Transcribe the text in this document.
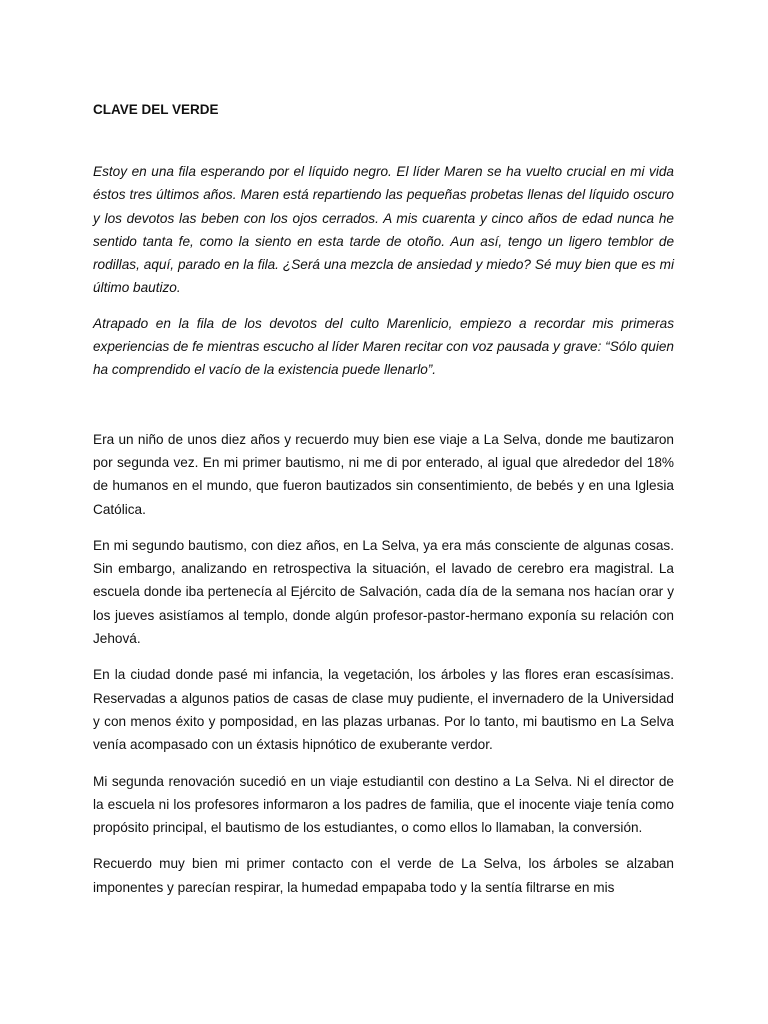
CLAVE DEL VERDE

Estoy en una fila esperando por el líquido negro. El líder Maren se ha vuelto crucial en mi vida éstos tres últimos años. Maren está repartiendo las pequeñas probetas llenas del líquido oscuro y los devotos las beben con los ojos cerrados. A mis cuarenta y cinco años de edad nunca he sentido tanta fe, como la siento en esta tarde de otoño. Aun así, tengo un ligero temblor de rodillas, aquí, parado en la fila. ¿Será una mezcla de ansiedad y miedo? Sé muy bien que es mi último bautizo.

Atrapado en la fila de los devotos del culto Marenlicio, empiezo a recordar mis primeras experiencias de fe mientras escucho al líder Maren recitar con voz pausada y grave: “Sólo quien ha comprendido el vacío de la existencia puede llenarlo”.

Era un niño de unos diez años y recuerdo muy bien ese viaje a La Selva, donde me bautizaron por segunda vez. En mi primer bautismo, ni me di por enterado, al igual que alrededor del 18% de humanos en el mundo, que fueron bautizados sin consentimiento, de bebés y en una Iglesia Católica.

En mi segundo bautismo, con diez años, en La Selva, ya era más consciente de algunas cosas. Sin embargo, analizando en retrospectiva la situación, el lavado de cerebro era magistral. La escuela donde iba pertenecía al Ejército de Salvación, cada día de la semana nos hacían orar y los jueves asistíamos al templo, donde algún profesor-pastor-hermano exponía su relación con Jehová.

En la ciudad donde pasé mi infancia, la vegetación, los árboles y las flores eran escasísimas. Reservadas a algunos patios de casas de clase muy pudiente, el invernadero de la Universidad y con menos éxito y pomposidad, en las plazas urbanas. Por lo tanto, mi bautismo en La Selva venía acompasado con un éxtasis hipnótico de exuberante verdor.

Mi segunda renovación sucedió en un viaje estudiantil con destino a La Selva. Ni el director de la escuela ni los profesores informaron a los padres de familia, que el inocente viaje tenía como propósito principal, el bautismo de los estudiantes, o como ellos lo llamaban, la conversión.

Recuerdo muy bien mi primer contacto con el verde de La Selva, los árboles se alzaban imponentes y parecían respirar, la humedad empapaba todo y la sentía filtrarse en mis
